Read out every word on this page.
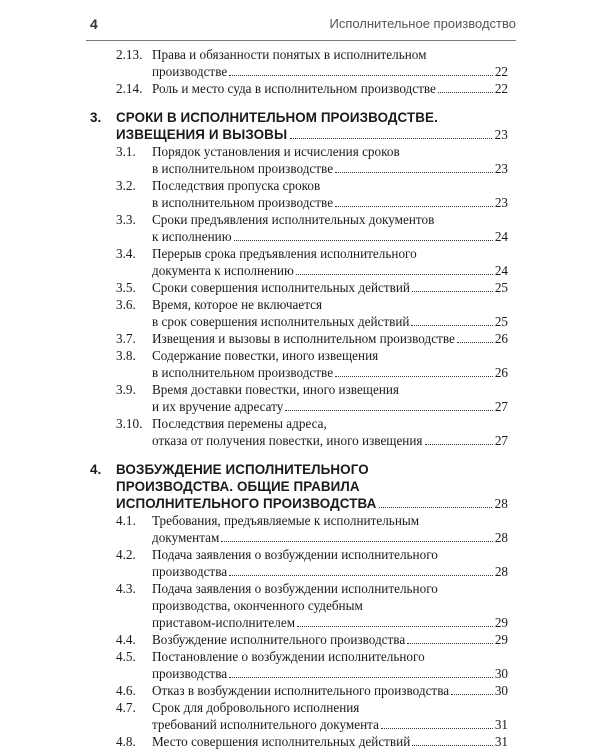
4	Исполнительное производство
2.13. Права и обязанности понятых в исполнительном
производстве	22
2.14. Роль и место суда в исполнительном производстве	22
3. СРОКИ В ИСПОЛНИТЕЛЬНОМ ПРОИЗВОДСТВЕ.
ИЗВЕЩЕНИЯ И ВЫЗОВЫ	23
3.1. Порядок установления и исчисления сроков
в исполнительном производстве	23
3.2. Последствия пропуска сроков
в исполнительном производстве	23
3.3. Сроки предъявления исполнительных документов
к исполнению	24
3.4. Перерыв срока предъявления исполнительного
документа к исполнению	24
3.5. Сроки совершения исполнительных действий	25
3.6. Время, которое не включается
в срок совершения исполнительных действий	25
3.7. Извещения и вызовы в исполнительном производстве	26
3.8. Содержание повестки, иного извещения
в исполнительном производстве	26
3.9. Время доставки повестки, иного извещения
и их вручение адресату	27
3.10. Последствия перемены адреса,
отказа от получения повестки, иного извещения	27
4. ВОЗБУЖДЕНИЕ ИСПОЛНИТЕЛЬНОГО
ПРОИЗВОДСТВА. ОБЩИЕ ПРАВИЛА
ИСПОЛНИТЕЛЬНОГО ПРОИЗВОДСТВА	28
4.1. Требования, предъявляемые к исполнительным
документам	28
4.2. Подача заявления о возбуждении исполнительного
производства	28
4.3. Подача заявления о возбуждении исполнительного
производства, оконченного судебным
приставом-исполнителем	29
4.4. Возбуждение исполнительного производства	29
4.5. Постановление о возбуждении исполнительного
производства	30
4.6. Отказ в возбуждении исполнительного производства	30
4.7. Срок для добровольного исполнения
требований исполнительного документа	31
4.8. Место совершения исполнительных действий	31
